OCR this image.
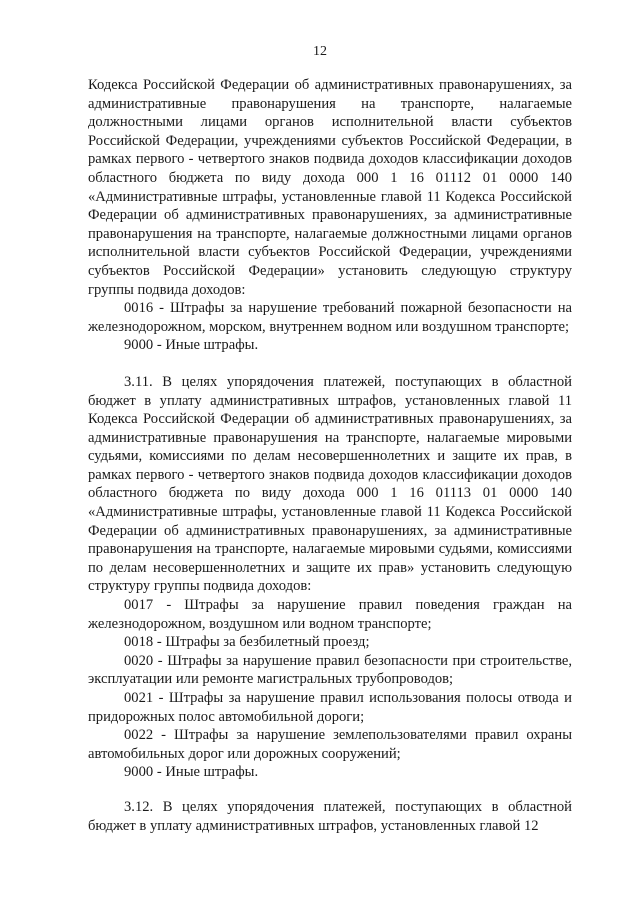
12

Кодекса Российской Федерации об административных правонарушениях, за административные правонарушения на транспорте, налагаемые должностными лицами органов исполнительной власти субъектов Российской Федерации, учреждениями субъектов Российской Федерации, в рамках первого - четвертого знаков подвида доходов классификации доходов областного бюджета по виду дохода 000 1 16 01112 01 0000 140 «Административные штрафы, установленные главой 11 Кодекса Российской Федерации об административных правонарушениях, за административные правонарушения на транспорте, налагаемые должностными лицами органов исполнительной власти субъектов Российской Федерации, учреждениями субъектов Российской Федерации» установить следующую структуру группы подвида доходов:

0016 - Штрафы за нарушение требований пожарной безопасности на железнодорожном, морском, внутреннем водном или воздушном транспорте;

9000 - Иные штрафы.

3.11. В целях упорядочения платежей, поступающих в областной бюджет в уплату административных штрафов, установленных главой 11 Кодекса Российской Федерации об административных правонарушениях, за административные правонарушения на транспорте, налагаемые мировыми судьями, комиссиями по делам несовершеннолетних и защите их прав, в рамках первого - четвертого знаков подвида доходов классификации доходов областного бюджета по виду дохода 000 1 16 01113 01 0000 140 «Административные штрафы, установленные главой 11 Кодекса Российской Федерации об административных правонарушениях, за административные правонарушения на транспорте, налагаемые мировыми судьями, комиссиями по делам несовершеннолетних и защите их прав» установить следующую структуру группы подвида доходов:

0017 - Штрафы за нарушение правил поведения граждан на железнодорожном, воздушном или водном транспорте;

0018 - Штрафы за безбилетный проезд;

0020 - Штрафы за нарушение правил безопасности при строительстве, эксплуатации или ремонте магистральных трубопроводов;

0021 - Штрафы за нарушение правил использования полосы отвода и придорожных полос автомобильной дороги;

0022 - Штрафы за нарушение землепользователями правил охраны автомобильных дорог или дорожных сооружений;

9000 - Иные штрафы.

3.12. В целях упорядочения платежей, поступающих в областной бюджет в уплату административных штрафов, установленных главой 12
